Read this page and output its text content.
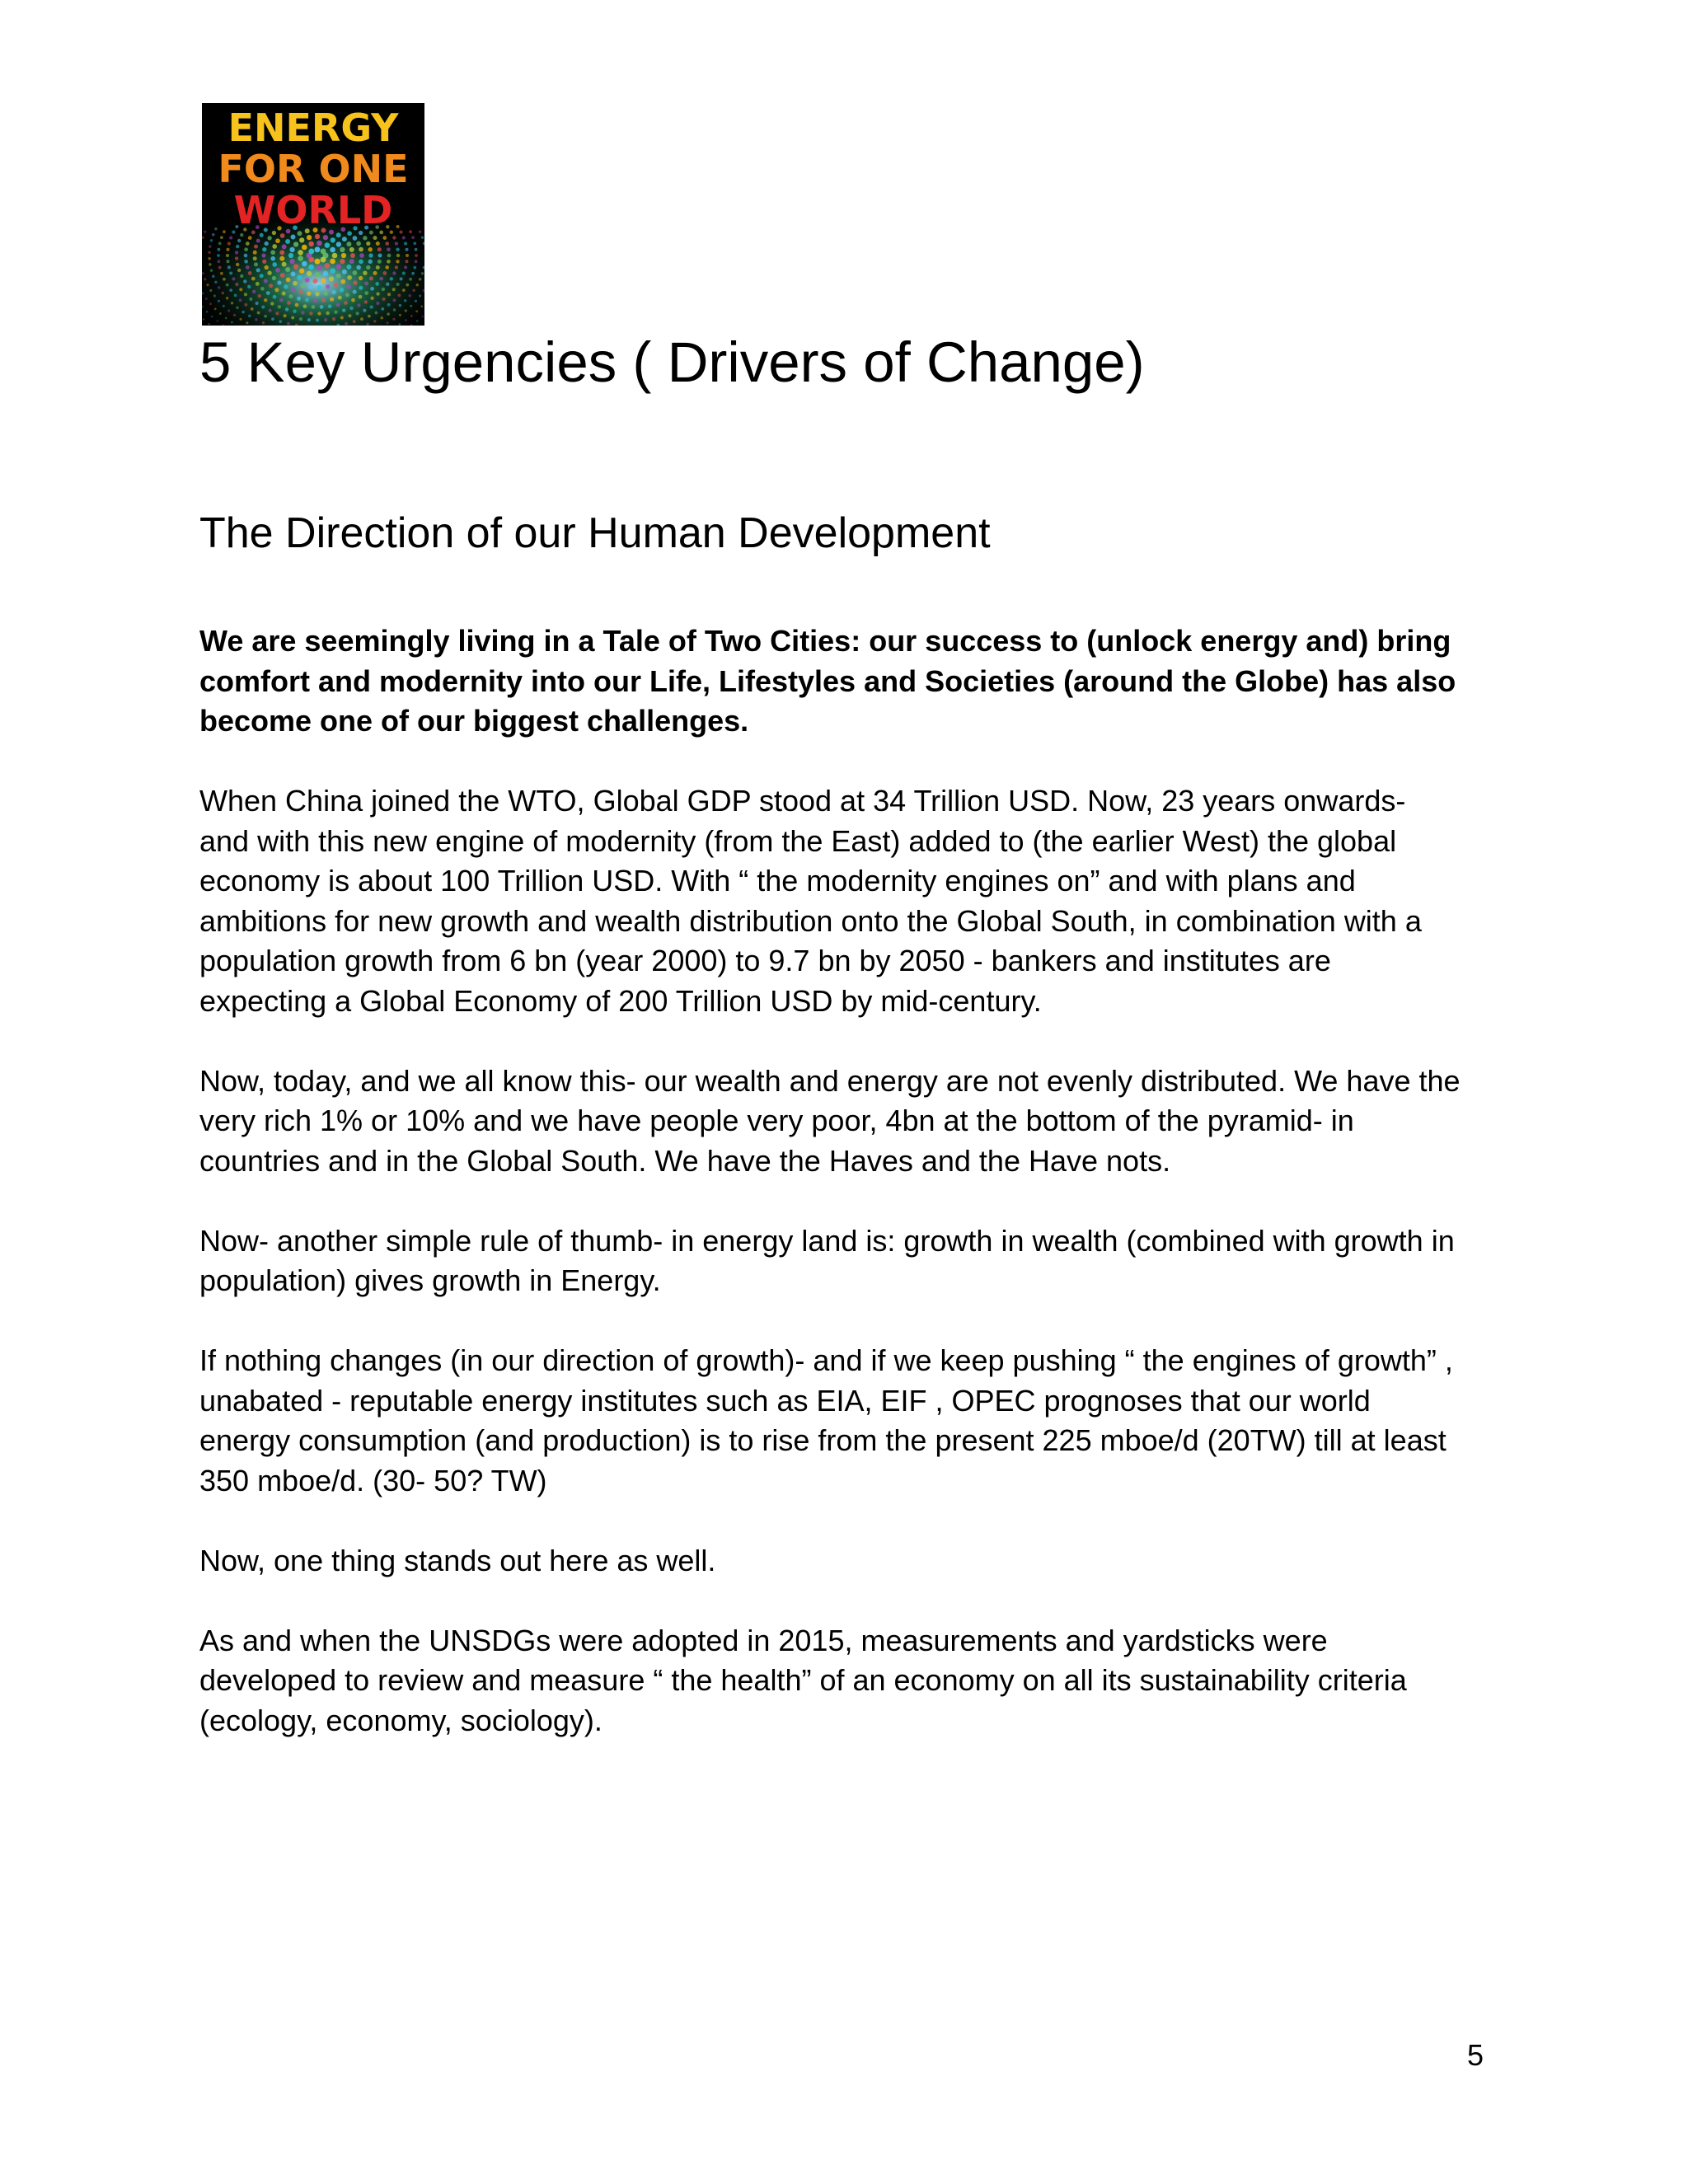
ENERGY
FOR ONE
WORLD
5 Key Urgencies ( Drivers of Change)
The Direction of our Human Development

We are seemingly living in a Tale of Two Cities: our success to (unlock energy and) bring
comfort and modernity into our Life, Lifestyles and Societies (around the Globe) has also
become one of our biggest challenges.

When China joined the WTO, Global GDP stood at 34 Trillion USD. Now, 23 years onwards-
and with this new engine of modernity (from the East) added to (the earlier West) the global
economy is about 100 Trillion USD. With “ the modernity engines on” and with plans and
ambitions for new growth and wealth distribution onto the Global South, in combination with a
population growth from 6 bn (year 2000) to 9.7 bn by 2050 - bankers and institutes are
expecting a Global Economy of 200 Trillion USD by mid-century.

Now, today, and we all know this- our wealth and energy are not evenly distributed. We have the
very rich 1% or 10% and we have people very poor, 4bn at the bottom of the pyramid- in
countries and in the Global South. We have the Haves and the Have nots.

Now- another simple rule of thumb- in energy land is: growth in wealth (combined with growth in
population) gives growth in Energy.

If nothing changes (in our direction of growth)- and if we keep pushing “ the engines of growth” ,
unabated - reputable energy institutes such as EIA, EIF , OPEC prognoses that our world
energy consumption (and production) is to rise from the present 225 mboe/d (20TW) till at least
350 mboe/d. (30- 50? TW)

Now, one thing stands out here as well.

As and when the UNSDGs were adopted in 2015, measurements and yardsticks were
developed to review and measure “ the health” of an economy on all its sustainability criteria
(ecology, economy, sociology).

5
